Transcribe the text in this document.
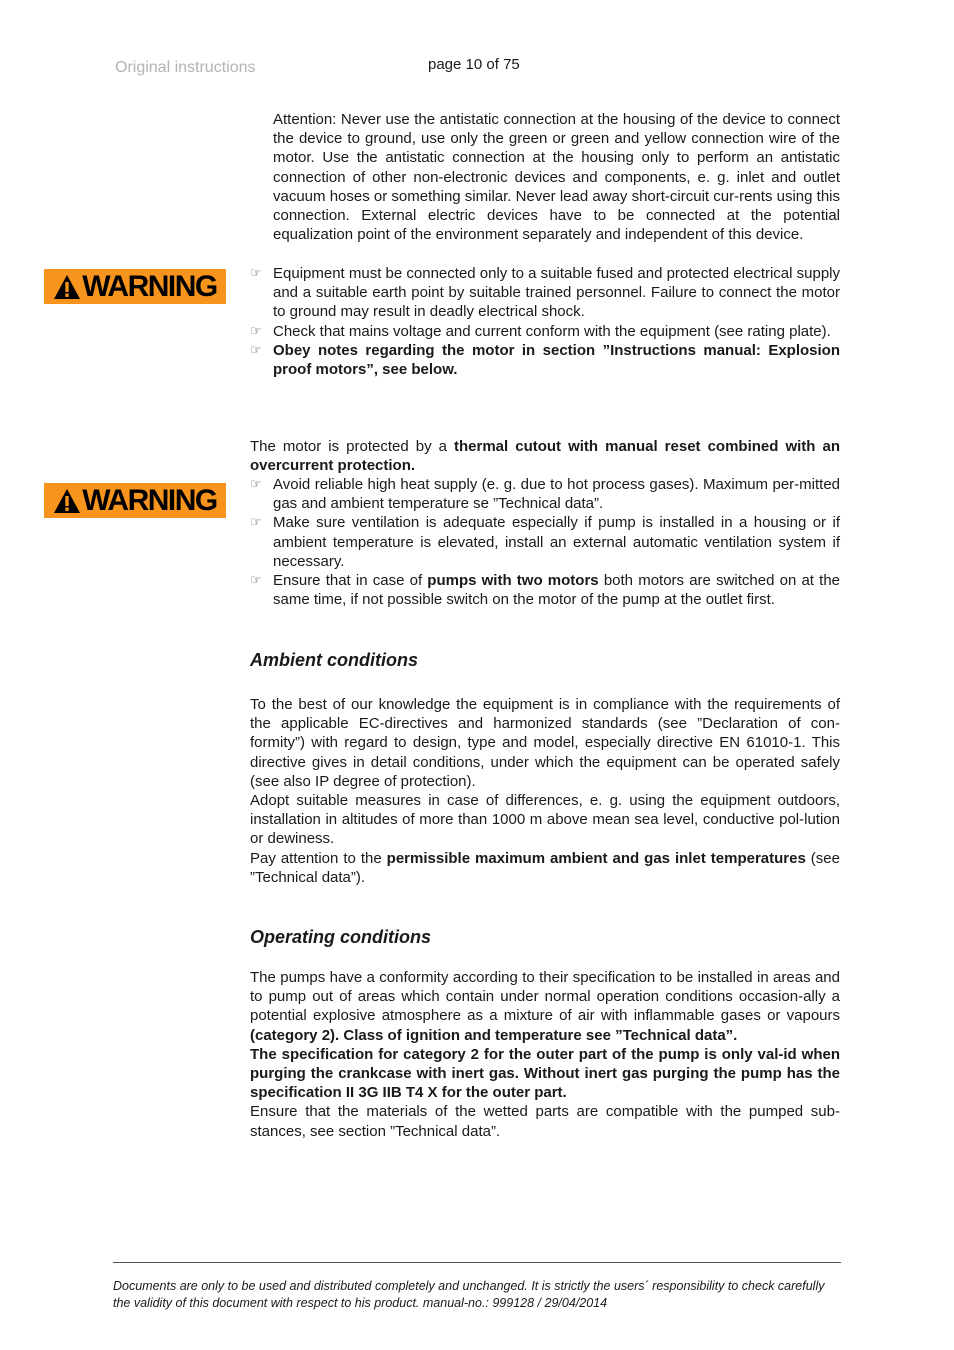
Original instructions	page 10 of 75
WARNING

Attention: Never use the antistatic connection at the housing of the device to connect the device to ground, use only the green or green and yellow connection wire of the motor. Use the antistatic connection at the housing only to perform an antistatic connection of other non-electronic devices and components, e. g. inlet and outlet vacuum hoses or something similar. Never lead away short-circuit cur-rents using this connection. External electric devices have to be connected at the potential equalization point of the environment separately and independent of this device.

☞ Equipment must be connected only to a suitable fused and protected electrical supply and a suitable earth point by suitable trained personnel. Failure to connect the motor to ground may result in deadly electrical shock.
☞ Check that mains voltage and current conform with the equipment (see rating plate).
☞ Obey notes regarding the motor in section ”Instructions manual: Explosion proof motors”, see below.
WARNING

The motor is protected by a thermal cutout with manual reset combined with an overcurrent protection.

☞ Avoid reliable high heat supply (e. g. due to hot process gases). Maximum per-mitted gas and ambient temperature se ”Technical data”.
☞ Make sure ventilation is adequate especially if pump is installed in a housing or if ambient temperature is elevated, install an external automatic ventilation system if necessary.
☞ Ensure that in case of pumps with two motors both motors are switched on at the same time, if not possible switch on the motor of the pump at the outlet first.
Ambient conditions
To the best of our knowledge the equipment is in compliance with the requirements of the applicable EC-directives and harmonized standards (see ”Declaration of con-formity”) with regard to design, type and model, especially directive EN 61010-1. This directive gives in detail conditions, under which the equipment can be operated safely (see also IP degree of protection).
Adopt suitable measures in case of differences, e. g. using the equipment outdoors, installation in altitudes of more than 1000 m above mean sea level, conductive pol-lution or dewiness.
Pay attention to the permissible maximum ambient and gas inlet temperatures (see ”Technical data”).
Operating conditions
The pumps have a conformity according to their specification to be installed in areas and to pump out of areas which contain under normal operation conditions occasion-ally a potential explosive atmosphere as a mixture of air with inflammable gases or vapours (category 2). Class of ignition and temperature see ”Technical data”.
The specification for category 2 for the outer part of the pump is only val-id when purging the crankcase with inert gas. Without inert gas purging the pump has the specification II 3G IIB T4 X for the outer part.
Ensure that the materials of the wetted parts are compatible with the pumped sub-stances, see section ”Technical data”.
Documents are only to be used and distributed completely and unchanged. It is strictly the users´ responsibility to check carefully the validity of this document with respect to his product. manual-no.: 999128 / 29/04/2014
